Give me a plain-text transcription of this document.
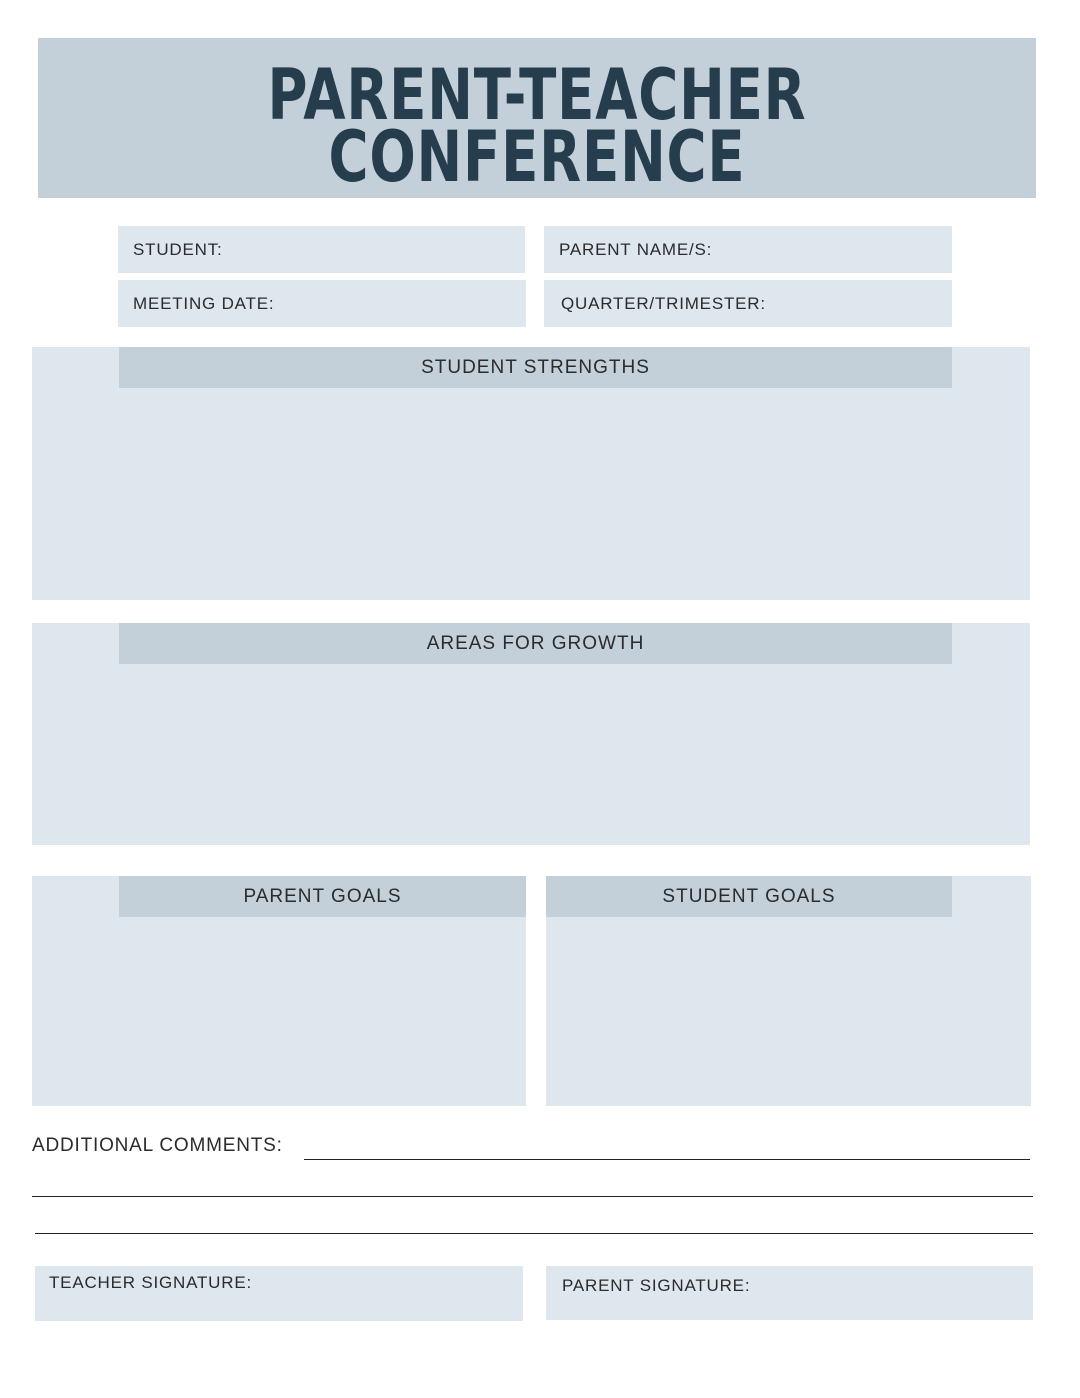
PARENT-TEACHER
CONFERENCE
STUDENT:	PARENT NAME/S:
MEETING DATE:	QUARTER/TRIMESTER:
STUDENT STRENGTHS
AREAS FOR GROWTH
PARENT GOALS	STUDENT GOALS
ADDITIONAL COMMENTS:
TEACHER SIGNATURE:	PARENT SIGNATURE:
